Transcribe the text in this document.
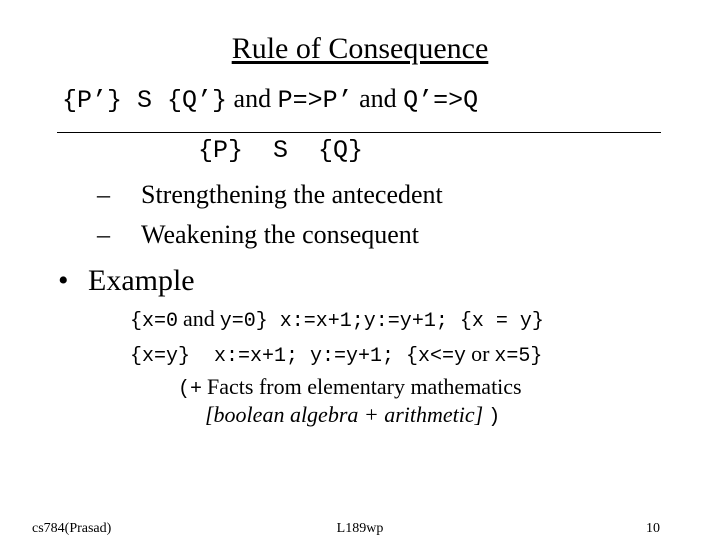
Rule of Consequence
{P’} S {Q’} and P=>P’ and Q’=>Q
{P}  S  {Q}
– Strengthening the antecedent
– Weakening the consequent
• Example
{x=0 and y=0} x:=x+1;y:=y+1; {x = y}
{x=y}  x:=x+1; y:=y+1; {x<=y or x=5}
(+ Facts from elementary mathematics
[boolean algebra + arithmetic] )
cs784(Prasad)	L189wp	10
